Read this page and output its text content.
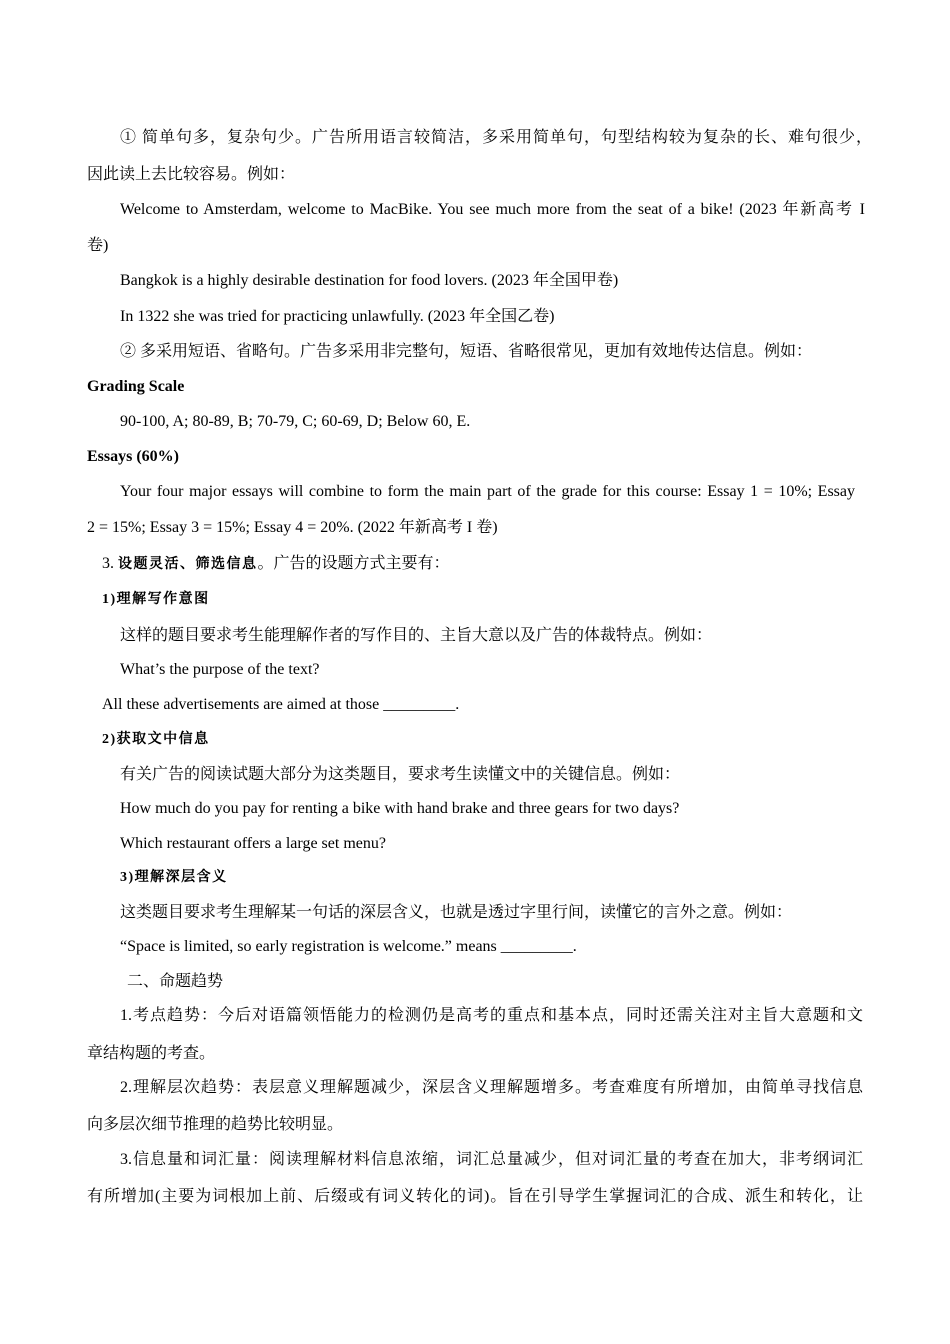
① 简单句多，复杂句少。广告所用语言较简洁，多采用简单句，句型结构较为复杂的长、难句很少，
因此读上去比较容易。例如：
Welcome to Amsterdam, welcome to MacBike. You see much more from the seat of a bike! (2023 年新高考 I
卷)
Bangkok is a highly desirable destination for food lovers. (2023 年全国甲卷)
In 1322 she was tried for practicing unlawfully. (2023 年全国乙卷)
② 多采用短语、省略句。广告多采用非完整句，短语、省略很常见，更加有效地传达信息。例如：
Grading Scale
90-100, A; 80-89, B; 70-79, C; 60-69, D; Below 60, E.
Essays (60%)
Your four major essays will combine to form the main part of the grade for this course: Essay 1 = 10%; Essay
2 = 15%; Essay 3 = 15%; Essay 4 = 20%. (2022 年新高考 I 卷)
3. 设题灵活、筛选信息。广告的设题方式主要有：
1)理解写作意图
这样的题目要求考生能理解作者的写作目的、主旨大意以及广告的体裁特点。例如：
What’s the purpose of the text?
All these advertisements are aimed at those _________.
2)获取文中信息
有关广告的阅读试题大部分为这类题目，要求考生读懂文中的关键信息。例如：
How much do you pay for renting a bike with hand brake and three gears for two days?
Which restaurant offers a large set menu?
3)理解深层含义
这类题目要求考生理解某一句话的深层含义，也就是透过字里行间，读懂它的言外之意。例如：
“Space is limited, so early registration is welcome.” means _________.
二、命题趋势
1.考点趋势：今后对语篇领悟能力的检测仍是高考的重点和基本点，同时还需关注对主旨大意题和文
章结构题的考查。
2.理解层次趋势：表层意义理解题减少，深层含义理解题增多。考查难度有所增加，由简单寻找信息
向多层次细节推理的趋势比较明显。
3.信息量和词汇量：阅读理解材料信息浓缩，词汇总量减少，但对词汇量的考查在加大，非考纲词汇
有所增加(主要为词根加上前、后缀或有词义转化的词)。旨在引导学生掌握词汇的合成、派生和转化，让
